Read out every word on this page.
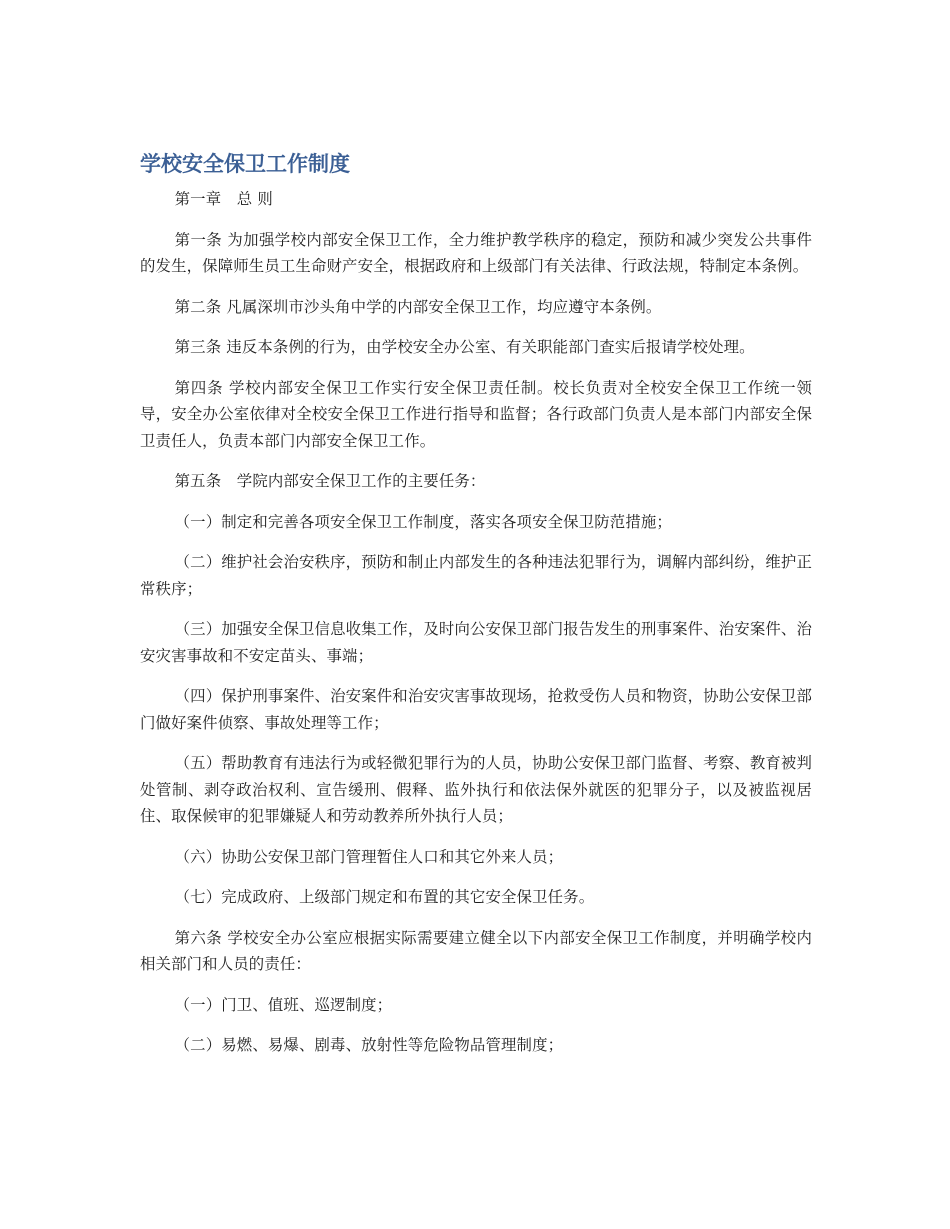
学校安全保卫工作制度

第一章　总 则

第一条 为加强学校内部安全保卫工作，全力维护教学秩序的稳定，预防和减少突发公共事件的发生，保障师生员工生命财产安全，根据政府和上级部门有关法律、行政法规，特制定本条例。

第二条 凡属深圳市沙头角中学的内部安全保卫工作，均应遵守本条例。

第三条 违反本条例的行为，由学校安全办公室、有关职能部门查实后报请学校处理。

第四条 学校内部安全保卫工作实行安全保卫责任制。校长负责对全校安全保卫工作统一领导，安全办公室依律对全校安全保卫工作进行指导和监督；各行政部门负责人是本部门内部安全保卫责任人，负责本部门内部安全保卫工作。

第五条　学院内部安全保卫工作的主要任务：

（一）制定和完善各项安全保卫工作制度，落实各项安全保卫防范措施；

（二）维护社会治安秩序，预防和制止内部发生的各种违法犯罪行为，调解内部纠纷，维护正常秩序；

（三）加强安全保卫信息收集工作，及时向公安保卫部门报告发生的刑事案件、治安案件、治安灾害事故和不安定苗头、事端；

（四）保护刑事案件、治安案件和治安灾害事故现场，抢救受伤人员和物资，协助公安保卫部门做好案件侦察、事故处理等工作；

（五）帮助教育有违法行为或轻微犯罪行为的人员，协助公安保卫部门监督、考察、教育被判处管制、剥夺政治权利、宣告缓刑、假释、监外执行和依法保外就医的犯罪分子，以及被监视居住、取保候审的犯罪嫌疑人和劳动教养所外执行人员；

（六）协助公安保卫部门管理暂住人口和其它外来人员；

（七）完成政府、上级部门规定和布置的其它安全保卫任务。

第六条 学校安全办公室应根据实际需要建立健全以下内部安全保卫工作制度，并明确学校内相关部门和人员的责任：

（一）门卫、值班、巡逻制度；

（二）易燃、易爆、剧毒、放射性等危险物品管理制度；
